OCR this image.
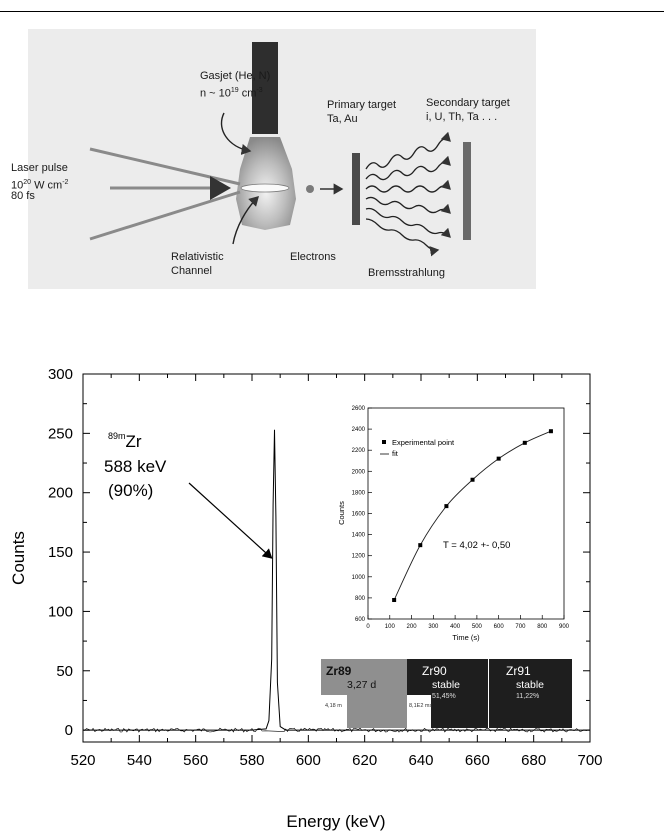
Gasjet (He, N)
n ~ $10^{19}$ $cm^{-3}$

Primary target
Ta, Au
Secondary target
i, U, Th, Ta . . .
Relativistic
Channel
Electrons
Bremsstrahlung
Laser pulse
$10^{20}$ W $cm^{-2}$
80 fs
520 540 560 580 600 620 640 660 680 700
0
50
100
150
200
250
300
Energy (keV)
Counts
$^{89m}$Zr
588 keV
(90%)
0	100 200 300 400 500 600 700 800 900
600
800
1000
1200
1400
1600
1800
2000
2200
2400
2600
Experimental point
fit
T = 4,02 +- 0,50
Time (s)
Counts
4,18 m
Zr89
3,27 d
8,1E2 ms
Zr90
stable
51,45%
Zr91
stable
11,22%
